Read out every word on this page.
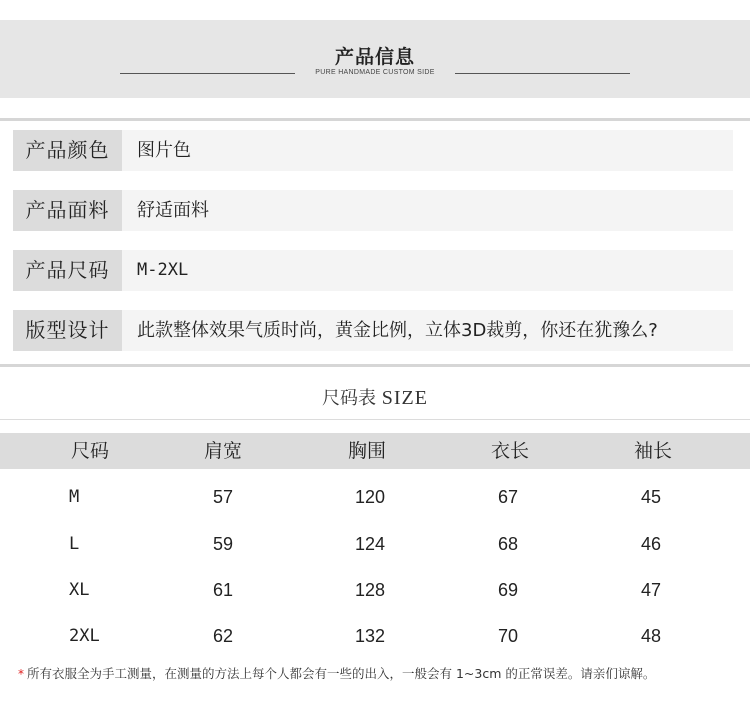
产品信息
PURE HANDMADE CUSTOM SIDE
产品颜色	图片色
产品面料	舒适面料
产品尺码	M-2XL
版型设计	此款整体效果气质时尚，黄金比例，立体3D裁剪，你还在犹豫么?
尺码表 SIZE
尺码	肩宽	胸围	衣长	袖长
M	57	120	67	45
L	59	124	68	46
XL	61	128	69	47
2XL	62	132	70	48
* 所有衣服全为手工测量，在测量的方法上每个人都会有一些的出入，一般会有 1~3cm 的正常误差。请亲们谅解。
